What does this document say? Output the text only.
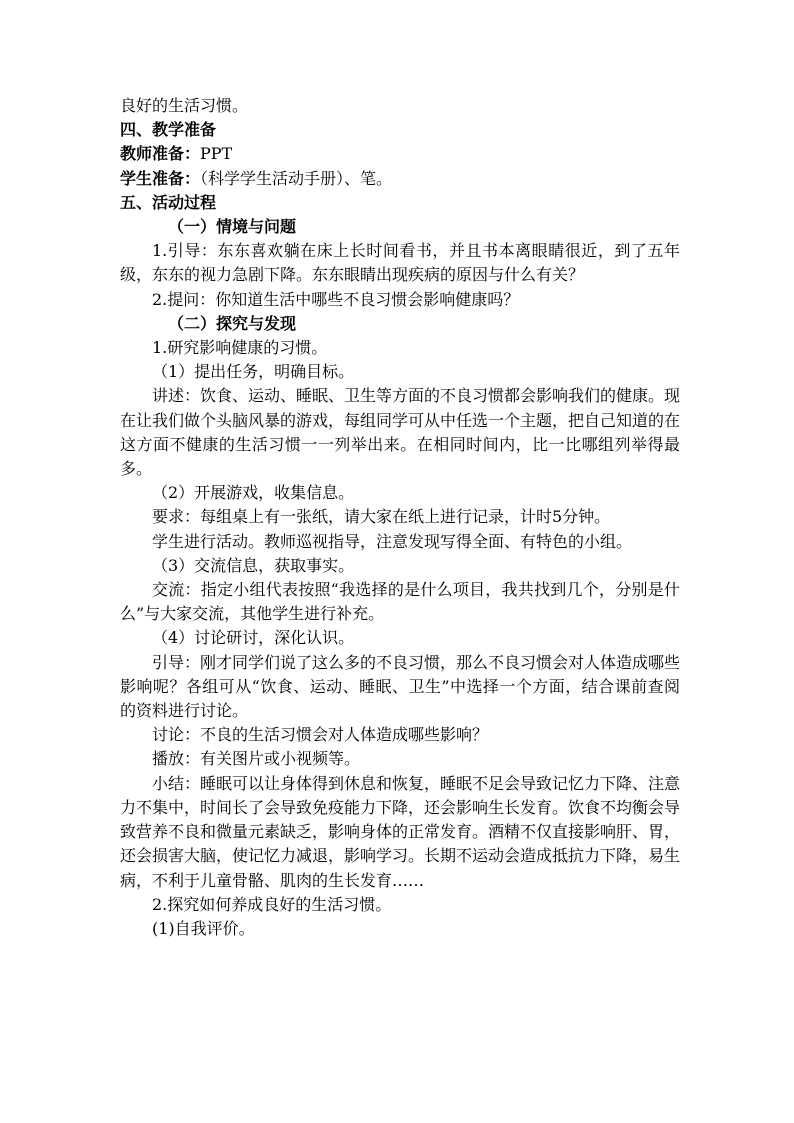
良好的生活习惯。

四、教学准备

教师准备：PPT

学生准备：（科学学生活动手册）、笔。

五、活动过程

（一）情境与问题

1.引导：东东喜欢躺在床上长时间看书，并且书本离眼睛很近，到了五年级，东东的视力急剧下降。东东眼睛出现疾病的原因与什么有关？

2.提问：你知道生活中哪些不良习惯会影响健康吗？

（二）探究与发现

1.研究影响健康的习惯。

（1）提出任务，明确目标。

讲述：饮食、运动、睡眠、卫生等方面的不良习惯都会影响我们的健康。现在让我们做个头脑风暴的游戏，每组同学可从中任选一个主题，把自己知道的在这方面不健康的生活习惯一一列举出来。在相同时间内，比一比哪组列举得最多。

（2）开展游戏，收集信息。

要求：每组桌上有一张纸，请大家在纸上进行记录，计时5分钟。

学生进行活动。教师巡视指导，注意发现写得全面、有特色的小组。

（3）交流信息，获取事实。

交流：指定小组代表按照“我选择的是什么项目，我共找到几个，分别是什么”与大家交流，其他学生进行补充。

（4）讨论研讨，深化认识。

引导：刚才同学们说了这么多的不良习惯，那么不良习惯会对人体造成哪些影响呢？各组可从“饮食、运动、睡眠、卫生”中选择一个方面，结合课前查阅的资料进行讨论。

讨论：不良的生活习惯会对人体造成哪些影响？

播放：有关图片或小视频等。

小结：睡眠可以让身体得到休息和恢复，睡眠不足会导致记忆力下降、注意力不集中，时间长了会导致免疫能力下降，还会影响生长发育。饮食不均衡会导致营养不良和微量元素缺乏，影响身体的正常发育。酒精不仅直接影响肝、胃，还会损害大脑，使记忆力减退，影响学习。长期不运动会造成抵抗力下降，易生病，不利于儿童骨骼、肌肉的生长发育……

2.探究如何养成良好的生活习惯。

(1)自我评价。
